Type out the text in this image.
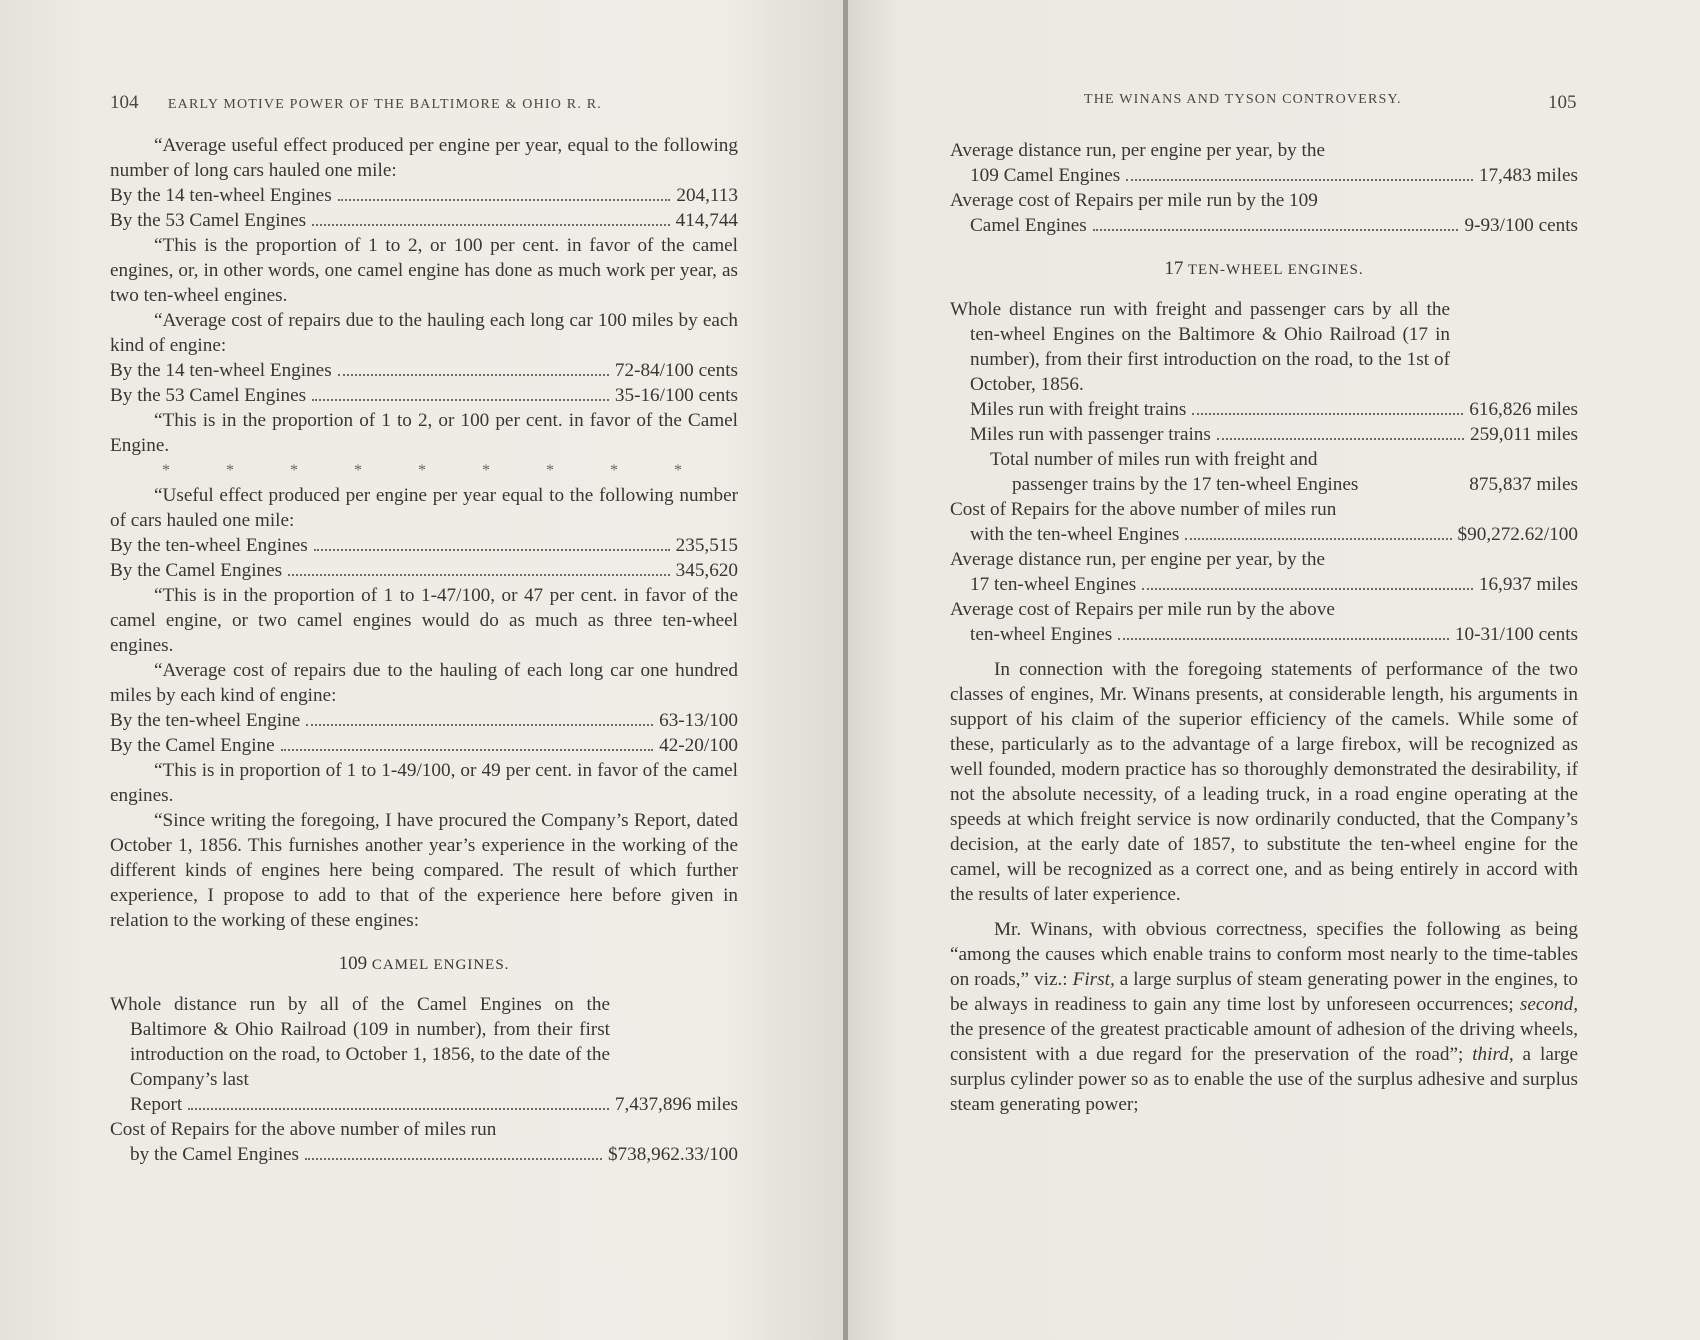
104 EARLY MOTIVE POWER OF THE BALTIMORE & OHIO R. R.

“Average useful effect produced per engine per year, equal to the following number of long cars hauled one mile:

By the 14 ten-wheel Engines	204,113
By the 53 Camel Engines	414,744

“This is the proportion of 1 to 2, or 100 per cent. in favor of the camel engines, or, in other words, one camel engine has done as much work per year, as two ten-wheel engines.

“Average cost of repairs due to the hauling each long car 100 miles by each kind of engine:

By the 14 ten-wheel Engines	72-84/100 cents
By the 53 Camel Engines	35-16/100 cents

“This is in the proportion of 1 to 2, or 100 per cent. in favor of the Camel Engine.

*	*	*	*	*	*	*	*	*

“Useful effect produced per engine per year equal to the following number of cars hauled one mile:

By the ten-wheel Engines	235,515
By the Camel Engines	345,620

“This is in the proportion of 1 to 1-47/100, or 47 per cent. in favor of the camel engine, or two camel engines would do as much as three ten-wheel engines.

“Average cost of repairs due to the hauling of each long car one hundred miles by each kind of engine:

By the ten-wheel Engine	63-13/100
By the Camel Engine	42-20/100

“This is in proportion of 1 to 1-49/100, or 49 per cent. in favor of the camel engines.

“Since writing the foregoing, I have procured the Company’s Report, dated October 1, 1856. This furnishes another year’s experience in the working of the different kinds of engines here being compared. The result of which further experience, I propose to add to that of the experience here before given in relation to the working of these engines:

109 CAMEL ENGINES.

Whole distance run by all of the Camel Engines on the Baltimore & Ohio Railroad (109 in number), from their first introduction on the road, to October 1, 1856, to the date of the Company’s last

Report	7,437,896 miles

Cost of Repairs for the above number of miles run

by the Camel Engines	$738,962.33/100
THE WINANS AND TYSON CONTROVERSY.	105

Average distance run, per engine per year, by the

109 Camel Engines	17,483 miles

Average cost of Repairs per mile run by the 109

Camel Engines	9-93/100 cents
17 TEN-WHEEL ENGINES.

Whole distance run with freight and passenger cars by all the ten-wheel Engines on the Baltimore & Ohio Railroad (17 in number), from their first introduction on the road, to the 1st of October, 1856.

Miles run with freight trains	616,826 miles
Miles run with passenger trains	259,011 miles

Total number of miles run with freight and

passenger trains by the 17 ten-wheel Engines	875,837 miles

Cost of Repairs for the above number of miles run

with the ten-wheel Engines	$90,272.62/100

Average distance run, per engine per year, by the

17 ten-wheel Engines	16,937 miles

Average cost of Repairs per mile run by the above

ten-wheel Engines	10-31/100 cents

In connection with the foregoing statements of performance of the two classes of engines, Mr. Winans presents, at considerable length, his arguments in support of his claim of the superior efficiency of the camels. While some of these, particularly as to the advantage of a large firebox, will be recognized as well founded, modern practice has so thoroughly demonstrated the desirability, if not the absolute necessity, of a leading truck, in a road engine operating at the speeds at which freight service is now ordinarily conducted, that the Company’s decision, at the early date of 1857, to substitute the ten-wheel engine for the camel, will be recognized as a correct one, and as being entirely in accord with the results of later experience.

Mr. Winans, with obvious correctness, specifies the following as being “among the causes which enable trains to conform most nearly to the time-tables on roads,” viz.: First, a large surplus of steam generating power in the engines, to be always in readiness to gain any time lost by unforeseen occurrences; second, the presence of the greatest practicable amount of adhesion of the driving wheels, consistent with a due regard for the preservation of the road”; third, a large surplus cylinder power so as to enable the use of the surplus adhesive and surplus steam generating power;
